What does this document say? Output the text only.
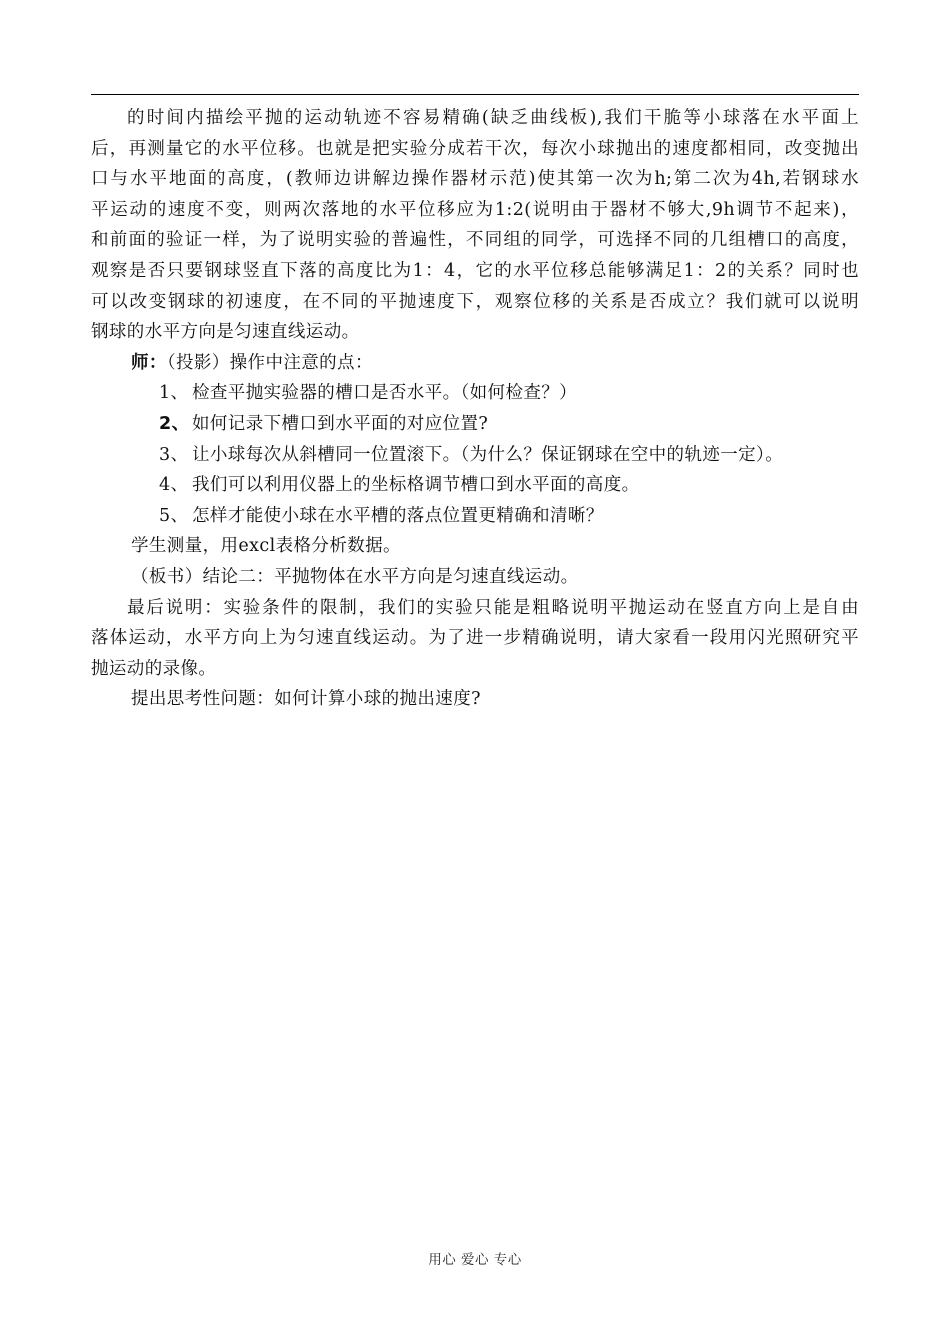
的时间内描绘平抛的运动轨迹不容易精确(缺乏曲线板),我们干脆等小球落在水平面上

后，再测量它的水平位移。也就是把实验分成若干次，每次小球抛出的速度都相同，改变抛出

口与水平地面的高度，(教师边讲解边操作器材示范)使其第一次为h;第二次为4h,若钢球水

平运动的速度不变，则两次落地的水平位移应为1:2(说明由于器材不够大,9h调节不起来)，

和前面的验证一样，为了说明实验的普遍性，不同组的同学，可选择不同的几组槽口的高度，

观察是否只要钢球竖直下落的高度比为1：4，它的水平位移总能够满足1：2的关系？同时也

可以改变钢球的初速度，在不同的平抛速度下，观察位移的关系是否成立？我们就可以说明

钢球的水平方向是匀速直线运动。

师：（投影）操作中注意的点：

1、 检查平抛实验器的槽口是否水平。（如何检查？）

2、 如何记录下槽口到水平面的对应位置?

3、 让小球每次从斜槽同一位置滚下。（为什么？保证钢球在空中的轨迹一定）。

4、 我们可以利用仪器上的坐标格调节槽口到水平面的高度。

5、 怎样才能使小球在水平槽的落点位置更精确和清晰？

学生测量，用excl表格分析数据。

（板书）结论二：平抛物体在水平方向是匀速直线运动。

最后说明：实验条件的限制，我们的实验只能是粗略说明平抛运动在竖直方向上是自由

落体运动，水平方向上为匀速直线运动。为了进一步精确说明，请大家看一段用闪光照研究平

抛运动的录像。

提出思考性问题：如何计算小球的抛出速度?

用心 爱心 专心
